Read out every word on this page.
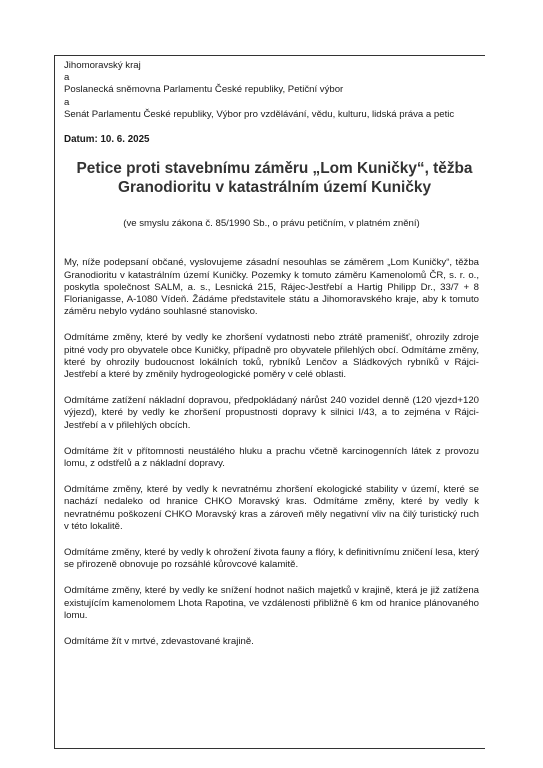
Jihomoravský kraj
a
Poslanecká sněmovna Parlamentu České republiky, Petiční výbor
a
Senát Parlamentu České republiky, Výbor pro vzdělávání, vědu, kulturu, lidská práva a petic
Datum: 10. 6. 2025
Petice proti stavebnímu záměru „Lom Kuničky“, těžba Granodioritu v katastrálním území Kuničky
(ve smyslu zákona č. 85/1990 Sb., o právu petičním, v platném znění)

My, níže podepsaní občané, vyslovujeme zásadní nesouhlas se záměrem „Lom Kuničky“, těžba Granodioritu v katastrálním území Kuničky. Pozemky k tomuto záměru Kamenolomů ČR, s. r. o., poskytla společnost SALM, a. s., Lesnická 215, Rájec-Jestřebí a Hartig Philipp Dr., 33/7 + 8 Florianigasse, A-1080 Vídeň. Žádáme představitele státu a Jihomoravského kraje, aby k tomuto záměru nebylo vydáno souhlasné stanovisko.

Odmítáme změny, které by vedly ke zhoršení vydatnosti nebo ztrátě pramenišť, ohrozily zdroje pitné vody pro obyvatele obce Kuničky, případně pro obyvatele přilehlých obcí. Odmítáme změny, které by ohrozily budoucnost lokálních toků, rybníků Lenčov a Sládkových rybníků v Rájci-Jestřebí a které by změnily hydrogeologické poměry v celé oblasti.

Odmítáme zatížení nákladní dopravou, předpokládaný nárůst 240 vozidel denně (120 vjezd+120 výjezd), které by vedly ke zhoršení propustnosti dopravy k silnici I/43, a to zejména v Rájci-Jestřebí a v přilehlých obcích.

Odmítáme žít v přítomnosti neustálého hluku a prachu včetně karcinogenních látek z provozu lomu, z odstřelů a z nákladní dopravy.

Odmítáme změny, které by vedly k nevratnému zhoršení ekologické stability v území, které se nachází nedaleko od hranice CHKO Moravský kras. Odmítáme změny, které by vedly k nevratnému poškození CHKO Moravský kras a zároveň měly negativní vliv na čilý turistický ruch v této lokalitě.

Odmítáme změny, které by vedly k ohrožení života fauny a flóry, k definitivnímu zničení lesa, který se přirozeně obnovuje po rozsáhlé kůrovcové kalamitě.

Odmítáme změny, které by vedly ke snížení hodnot našich majetků v krajině, která je již zatížena existujícím kamenolomem Lhota Rapotina, ve vzdálenosti přibližně 6 km od hranice plánovaného lomu.

Odmítáme žít v mrtvé, zdevastované krajině.
